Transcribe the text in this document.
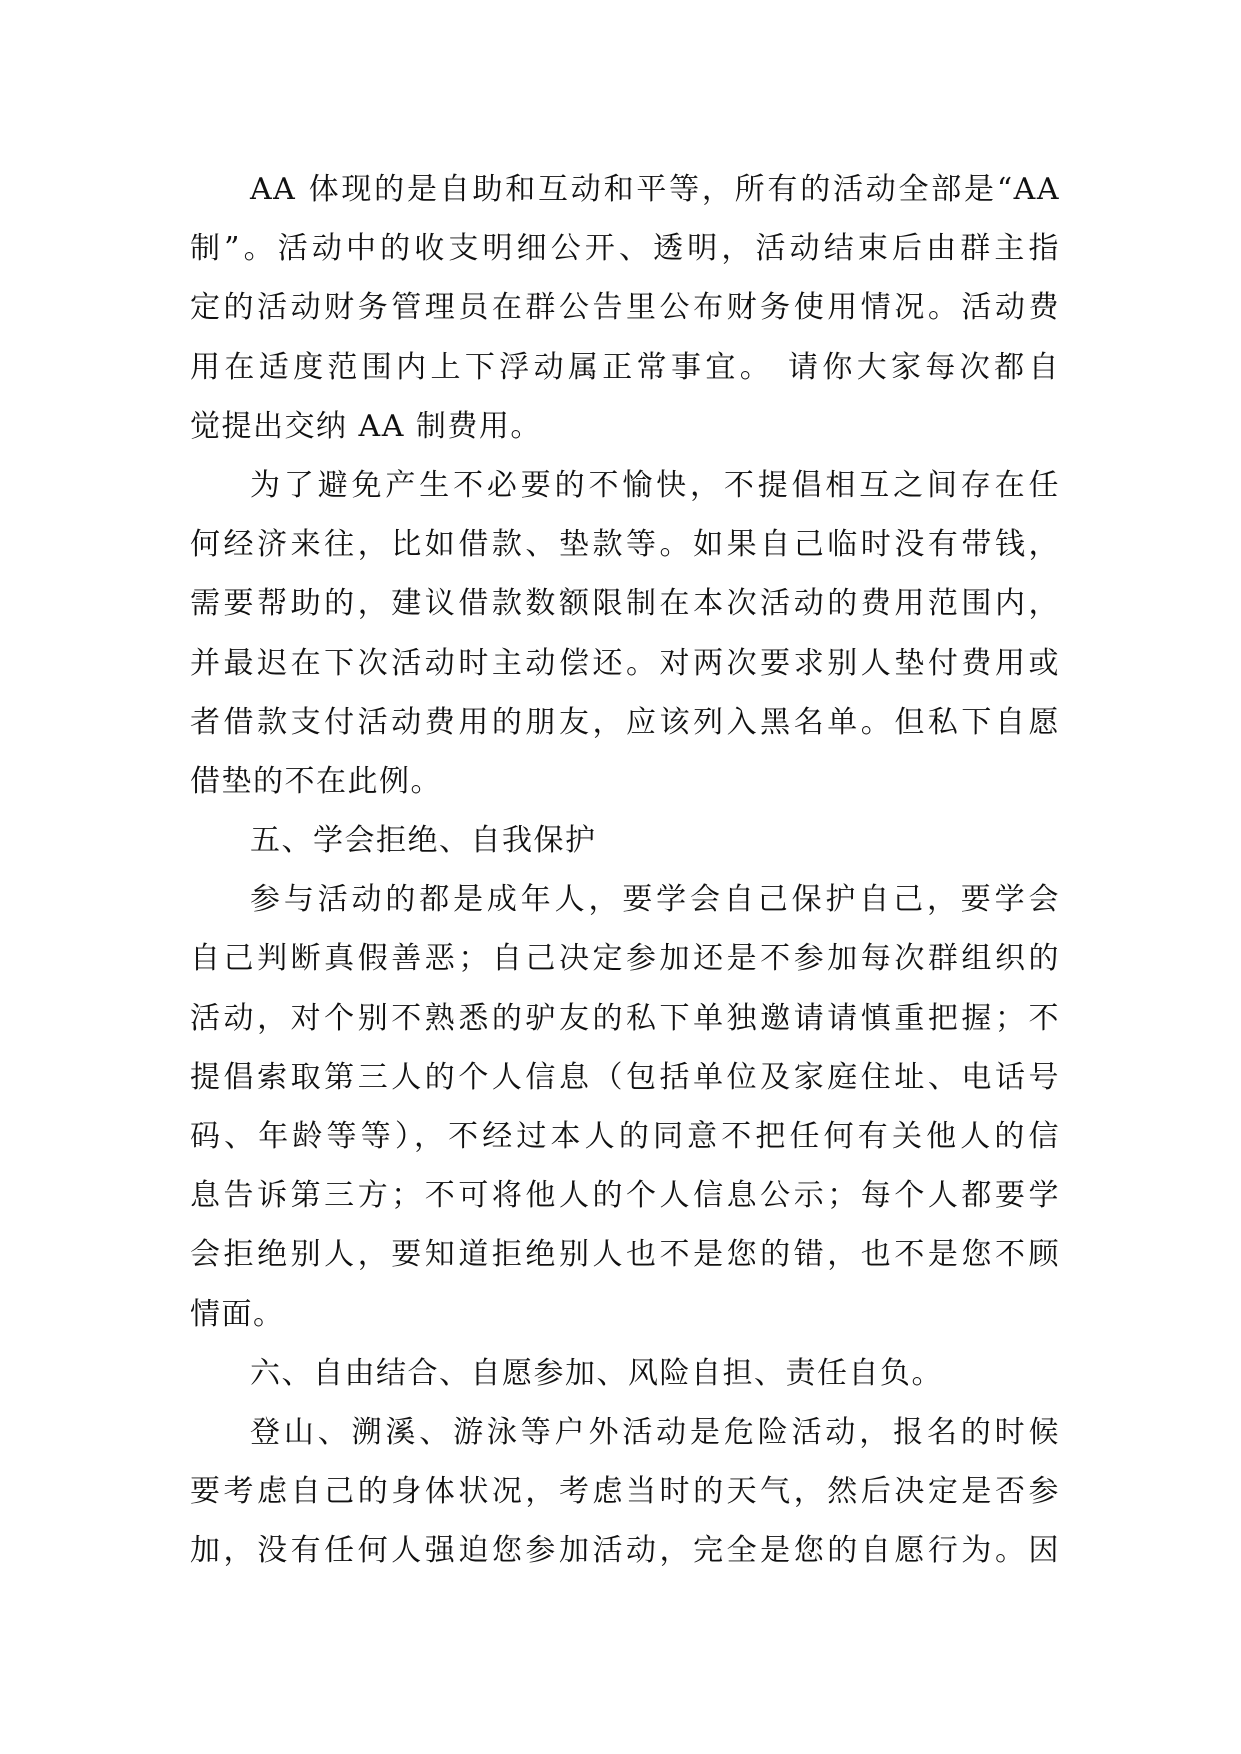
AA 体现的是自助和互动和平等，所有的活动全部是“AA
制”。活动中的收支明细公开、透明，活动结束后由群主指
定的活动财务管理员在群公告里公布财务使用情况。活动费
用在适度范围内上下浮动属正常事宜。 请你大家每次都自
觉提出交纳 AA 制费用。
为了避免产生不必要的不愉快，不提倡相互之间存在任
何经济来往，比如借款、垫款等。如果自己临时没有带钱，
需要帮助的，建议借款数额限制在本次活动的费用范围内，
并最迟在下次活动时主动偿还。对两次要求别人垫付费用或
者借款支付活动费用的朋友，应该列入黑名单。但私下自愿
借垫的不在此例。
五、学会拒绝、自我保护
参与活动的都是成年人，要学会自己保护自己，要学会
自己判断真假善恶；自己决定参加还是不参加每次群组织的
活动，对个别不熟悉的驴友的私下单独邀请请慎重把握；不
提倡索取第三人的个人信息（包括单位及家庭住址、电话号
码、年龄等等），不经过本人的同意不把任何有关他人的信
息告诉第三方；不可将他人的个人信息公示；每个人都要学
会拒绝别人，要知道拒绝别人也不是您的错，也不是您不顾
情面。
六、自由结合、自愿参加、风险自担、责任自负。
登山、溯溪、游泳等户外活动是危险活动，报名的时候
要考虑自己的身体状况，考虑当时的天气，然后决定是否参
加，没有任何人强迫您参加活动，完全是您的自愿行为。因
